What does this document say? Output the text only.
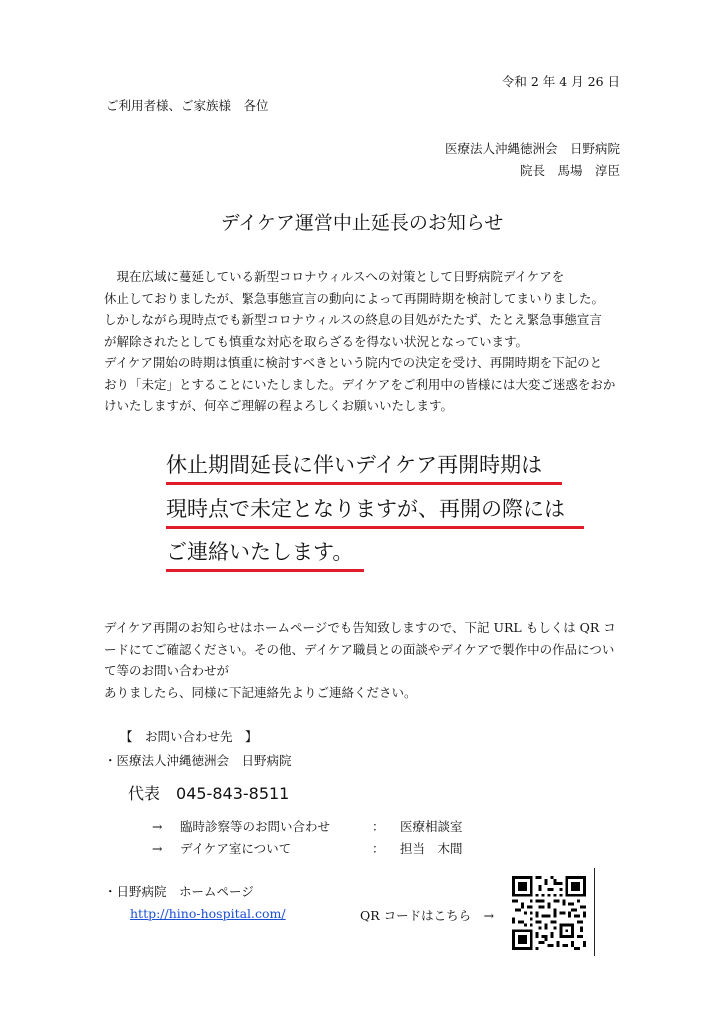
令和 2 年 4 月 26 日
ご利用者様、ご家族様　各位
医療法人沖縄徳洲会　日野病院
院長　馬場　淳臣
デイケア運営中止延長のお知らせ
　現在広域に蔓延している新型コロナウィルスへの対策として日野病院デイケアを
休止しておりましたが、緊急事態宣言の動向によって再開時期を検討してまいりました。
しかしながら現時点でも新型コロナウィルスの終息の目処がたたず、たとえ緊急事態宣言
が解除されたとしても慎重な対応を取らざるを得ない状況となっています。
デイケア開始の時期は慎重に検討すべきという院内での決定を受け、再開時期を下記のと
おり「未定」とすることにいたしました。デイケアをご利用中の皆様には大変ご迷惑をおか
けいたしますが、何卒ご理解の程よろしくお願いいたします。
休止期間延長に伴いデイケア再開時期は
現時点で未定となりますが、再開の際には
ご連絡いたします。
デイケア再開のお知らせはホームページでも告知致しますので、下記 URL もしくは QR コ
ードにてご確認ください。その他、デイケア職員との面談やデイケアで製作中の作品につい
て等のお問い合わせが
ありましたら、同様に下記連絡先よりご連絡ください。
【　お問い合わせ先　】
・医療法人沖縄徳洲会　日野病院
代表 045-843-8511
→ 臨時診察等のお問い合わせ	： 医療相談室
→ デイケア室について	： 担当　木間
・日野病院　ホームページ
http://hino-hospital.com/	QR コードはこちら　→
